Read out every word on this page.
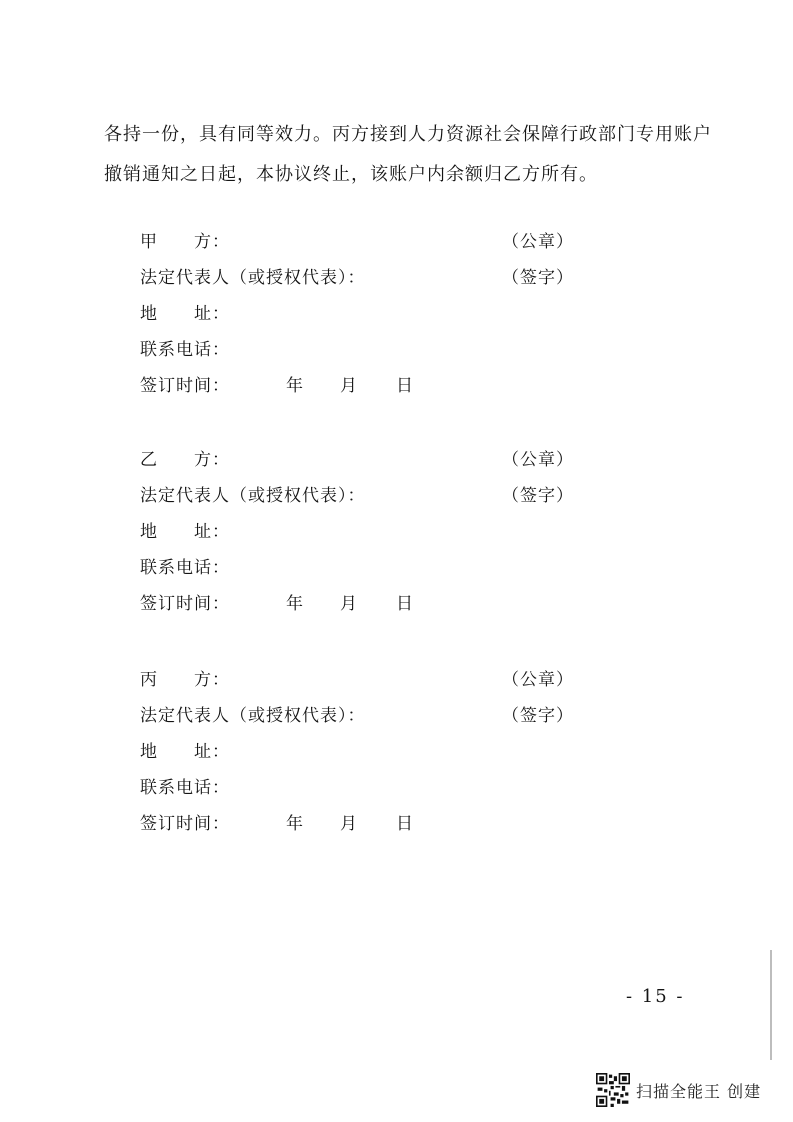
各持一份，具有同等效力。丙方接到人力资源社会保障行政部门专用账户
撤销通知之日起，本协议终止，该账户内余额归乙方所有。
甲　　方：	（公章）
法定代表人（或授权代表）：	（签字）
地　　址：
联系电话：
签订时间：	年 月 日
乙　　方：	（公章）
法定代表人（或授权代表）：	（签字）
地　　址：
联系电话：
签订时间：	年 月 日
丙　　方：	（公章）
法定代表人（或授权代表）：	（签字）
地　　址：
联系电话：
签订时间：	年 月 日
- 15 -
扫描全能王 创建
